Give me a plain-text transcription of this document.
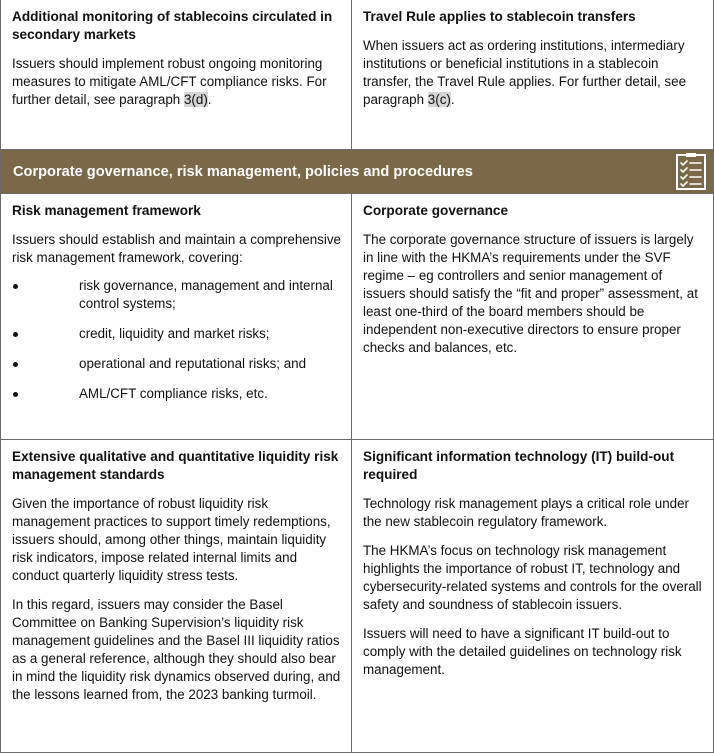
Additional monitoring of stablecoins circulated in secondary markets

Issuers should implement robust ongoing monitoring measures to mitigate AML/CFT compliance risks. For further detail, see paragraph 3(d).

Travel Rule applies to stablecoin transfers

When issuers act as ordering institutions, intermediary institutions or beneficial institutions in a stablecoin transfer, the Travel Rule applies. For further detail, see paragraph 3(c).

Corporate governance, risk management, policies and procedures
Risk management framework

Issuers should establish and maintain a comprehensive risk management framework, covering:

risk governance, management and internal control systems;
credit, liquidity and market risks;
operational and reputational risks; and
AML/CFT compliance risks, etc.
Corporate governance

The corporate governance structure of issuers is largely in line with the HKMA’s requirements under the SVF regime – eg controllers and senior management of issuers should satisfy the “fit and proper” assessment, at least one-third of the board members should be independent non-executive directors to ensure proper checks and balances, etc.

Extensive qualitative and quantitative liquidity risk management standards

Given the importance of robust liquidity risk management practices to support timely redemptions, issuers should, among other things, maintain liquidity risk indicators, impose related internal limits and conduct quarterly liquidity stress tests.

In this regard, issuers may consider the Basel Committee on Banking Supervision’s liquidity risk management guidelines and the Basel III liquidity ratios as a general reference, although they should also bear in mind the liquidity risk dynamics observed during, and the lessons learned from, the 2023 banking turmoil.

Significant information technology (IT) build-out required

Technology risk management plays a critical role under the new stablecoin regulatory framework.

The HKMA’s focus on technology risk management highlights the importance of robust IT, technology and cybersecurity-related systems and controls for the overall safety and soundness of stablecoin issuers.

Issuers will need to have a significant IT build-out to comply with the detailed guidelines on technology risk management.
